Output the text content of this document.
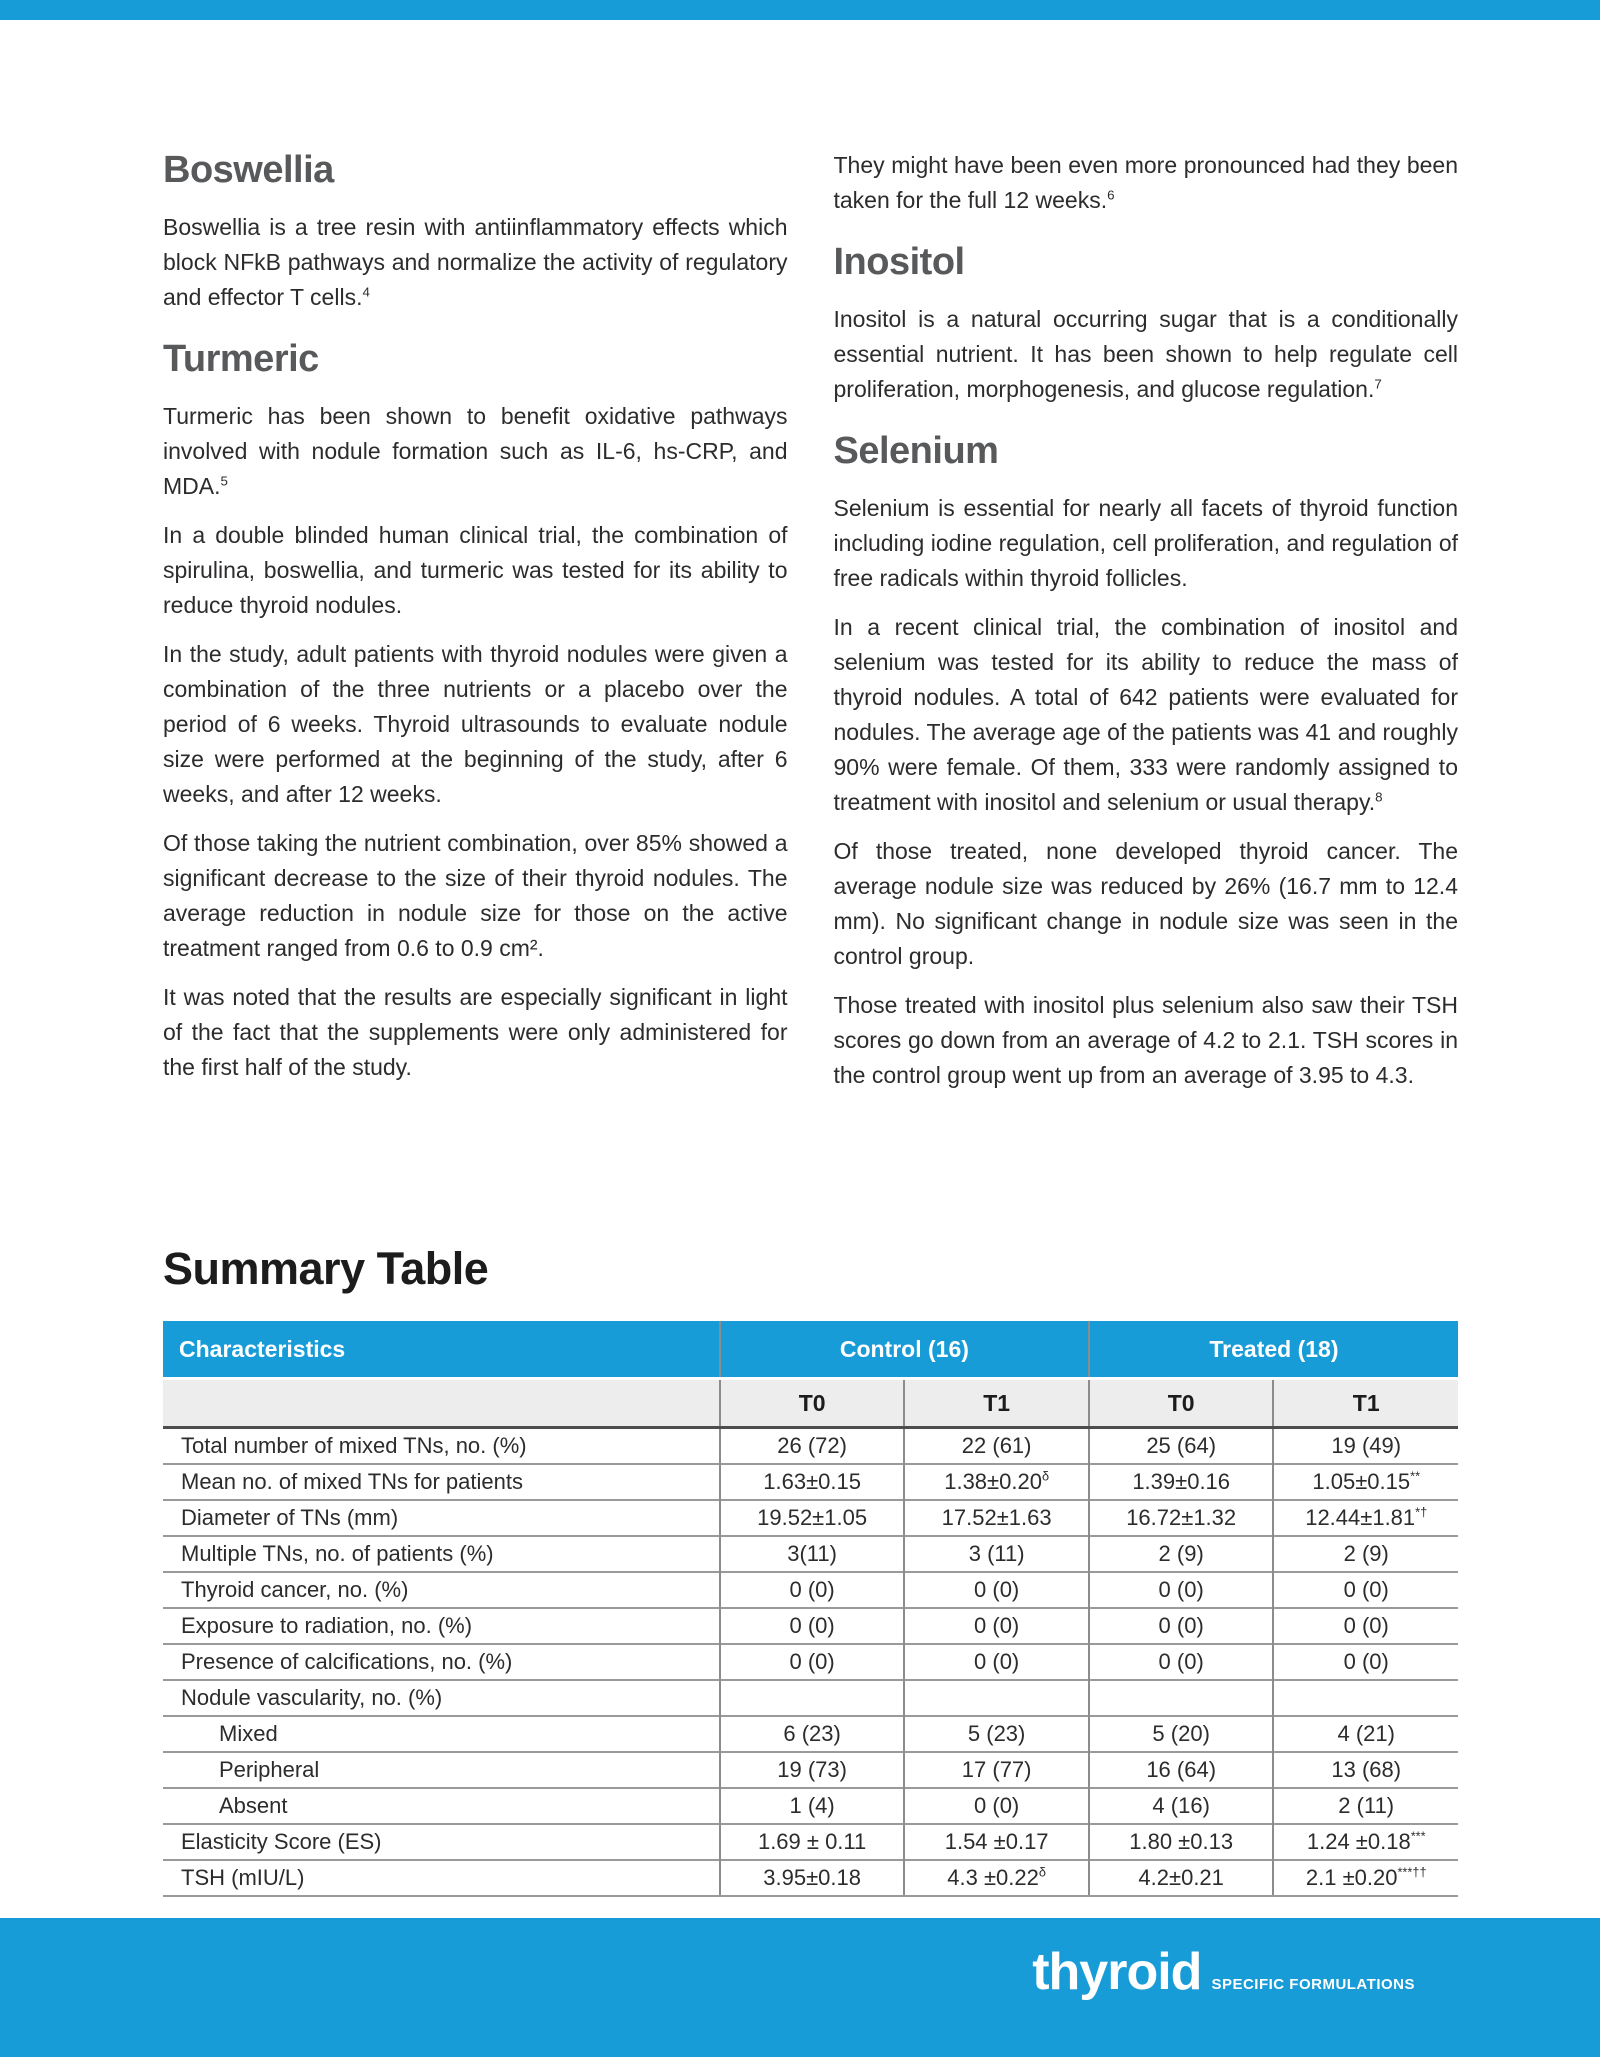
Boswellia

Boswellia is a tree resin with antiinflammatory effects which block NFkB pathways and normalize the activity of regulatory and effector T cells.$^4$

Turmeric

Turmeric has been shown to benefit oxidative pathways involved with nodule formation such as IL-6, hs-CRP, and MDA.$^5$

In a double blinded human clinical trial, the combination of spirulina, boswellia, and turmeric was tested for its ability to reduce thyroid nodules.

In the study, adult patients with thyroid nodules were given a combination of the three nutrients or a placebo over the period of 6 weeks. Thyroid ultrasounds to evaluate nodule size were performed at the beginning of the study, after 6 weeks, and after 12 weeks.

Of those taking the nutrient combination, over 85% showed a significant decrease to the size of their thyroid nodules. The average reduction in nodule size for those on the active treatment ranged from 0.6 to 0.9 cm².

It was noted that the results are especially significant in light of the fact that the supplements were only administered for the first half of the study.

They might have been even more pronounced had they been taken for the full 12 weeks.$^6$

Inositol

Inositol is a natural occurring sugar that is a conditionally essential nutrient. It has been shown to help regulate cell proliferation, morphogenesis, and glucose regulation.$^7$

Selenium

Selenium is essential for nearly all facets of thyroid function including iodine regulation, cell proliferation, and regulation of free radicals within thyroid follicles.

In a recent clinical trial, the combination of inositol and selenium was tested for its ability to reduce the mass of thyroid nodules. A total of 642 patients were evaluated for nodules. The average age of the patients was 41 and roughly 90% were female. Of them, 333 were randomly assigned to treatment with inositol and selenium or usual therapy.$^8$

Of those treated, none developed thyroid cancer. The average nodule size was reduced by 26% (16.7 mm to 12.4 mm). No significant change in nodule size was seen in the control group.

Those treated with inositol plus selenium also saw their TSH scores go down from an average of 4.2 to 2.1. TSH scores in the control group went up from an average of 3.95 to 4.3.

Summary Table
Characteristics	Control (16)		Treated (18)	
	T0	T1	T0	T1
Total number of mixed TNs, no. (%)	26 (72)	22 (61)	25 (64)	19 (49)
Mean no. of mixed TNs for patients	1.63±0.15	$1.38\pm 0.20^\delta$	1.39±0.16	1.05±0.15**
Diameter of TNs (mm)	19.52±1.05	17.52±1.63	16.72±1.32	12.44±1.81*†
Multiple TNs, no. of patients (%)	3(11)	3 (11)	2 (9)	2 (9)
Thyroid cancer, no. (%)	0 (0)	0 (0)	0 (0)	0 (0)
Exposure to radiation, no. (%)	0 (0)	0 (0)	0 (0)	0 (0)
Presence of calcifications, no. (%)	0 (0)	0 (0)	0 (0)	0 (0)
Nodule vascularity, no. (%)				
Mixed	6 (23)	5 (23)	5 (20)	4 (21)
Peripheral	19 (73)	17 (77)	16 (64)	13 (68)
Absent	1 (4)	0 (0)	4 (16)	2 (11)
Elasticity Score (ES)	1.69 ± 0.11	1.54 ±0.17	1.80 ±0.13	1.24 ±0.18***
TSH (mIU/L)	3.95±0.18	$4.3 \pm 0.22^\delta$	4.2±0.21	2.1 ±0.20***††
thyroid SPECIFIC FORMULATIONS
